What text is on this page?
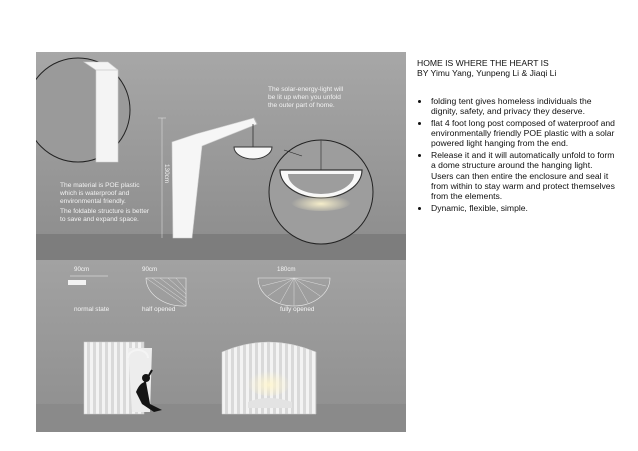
The solar-energy-light will
be lit up when you unfold
the outer part of home.
The material is POE plastic
which is waterproof and
environmental friendly.
The foldable structure is better
to save and expand space.
130cm
90cm	90cm	180cm
normal state	half opened	fully opened

HOME IS WHERE THE HEART IS

BY Yimu Yang, Yunpeng Li & Jiaqi Li

• folding tent gives homeless individuals the dignity, safety, and privacy they deserve.
• flat 4 foot long post composed of waterproof and environmentally friendly POE plastic with a solar powered light hanging from the end.
• Release it and it will automatically unfold to form a dome structure around the hanging light. Users can then entire the enclosure and seal it from within to stay warm and protect themselves from the elements.
• Dynamic, flexible, simple.
